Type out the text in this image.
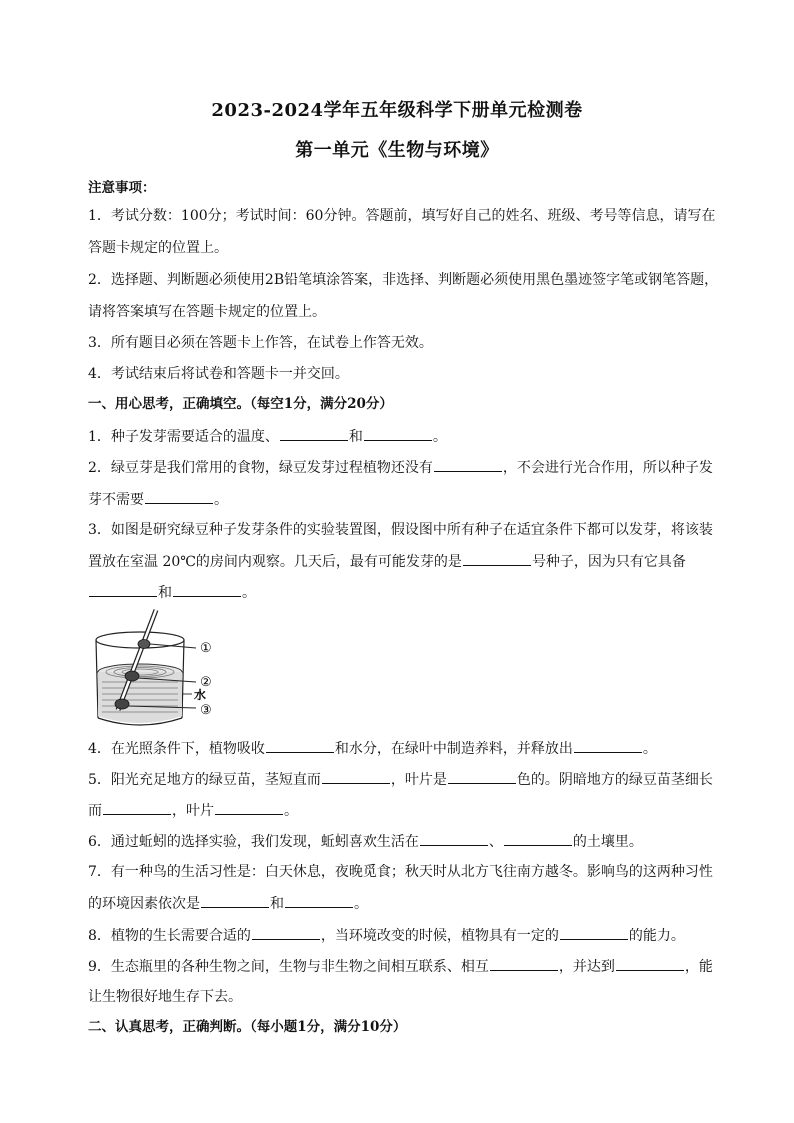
2023-2024学年五年级科学下册单元检测卷
第一单元《生物与环境》
注意事项：
1．考试分数：100分；考试时间：60分钟。答题前，填写好自己的姓名、班级、考号等信息，请写在
答题卡规定的位置上。
2．选择题、判断题必须使用2B铅笔填涂答案，非选择、判断题必须使用黑色墨迹签字笔或钢笔答题，
请将答案填写在答题卡规定的位置上。
3．所有题目必须在答题卡上作答，在试卷上作答无效。
4．考试结束后将试卷和答题卡一并交回。
一、用心思考，正确填空。（每空1分，满分20分）
1．种子发芽需要适合的温度、	和	。
2．绿豆芽是我们常用的食物，绿豆发芽过程植物还没有	，不会进行光合作用，所以种子发
芽不需要	。
3．如图是研究绿豆种子发芽条件的实验装置图，假设图中所有种子在适宜条件下都可以发芽，将该装
置放在室温 20℃的房间内观察。几天后，最有可能发芽的是	号种子，因为只有它具备
和	。
①
②
水
③
4．在光照条件下，植物吸收	和水分，在绿叶中制造养料，并释放出	。
5．阳光充足地方的绿豆苗，茎短直而	，叶片是	色的。阴暗地方的绿豆苗茎细长
而	，叶片	。
6．通过蚯蚓的选择实验，我们发现，蚯蚓喜欢生活在	、	的土壤里。
7．有一种鸟的生活习性是：白天休息，夜晚觅食；秋天时从北方飞往南方越冬。影响鸟的这两种习性
的环境因素依次是	和	。
8．植物的生长需要合适的	，当环境改变的时候，植物具有一定的	的能力。
9．生态瓶里的各种生物之间，生物与非生物之间相互联系、相互	，并达到	，能
让生物很好地生存下去。
二、认真思考，正确判断。（每小题1分，满分10分）
